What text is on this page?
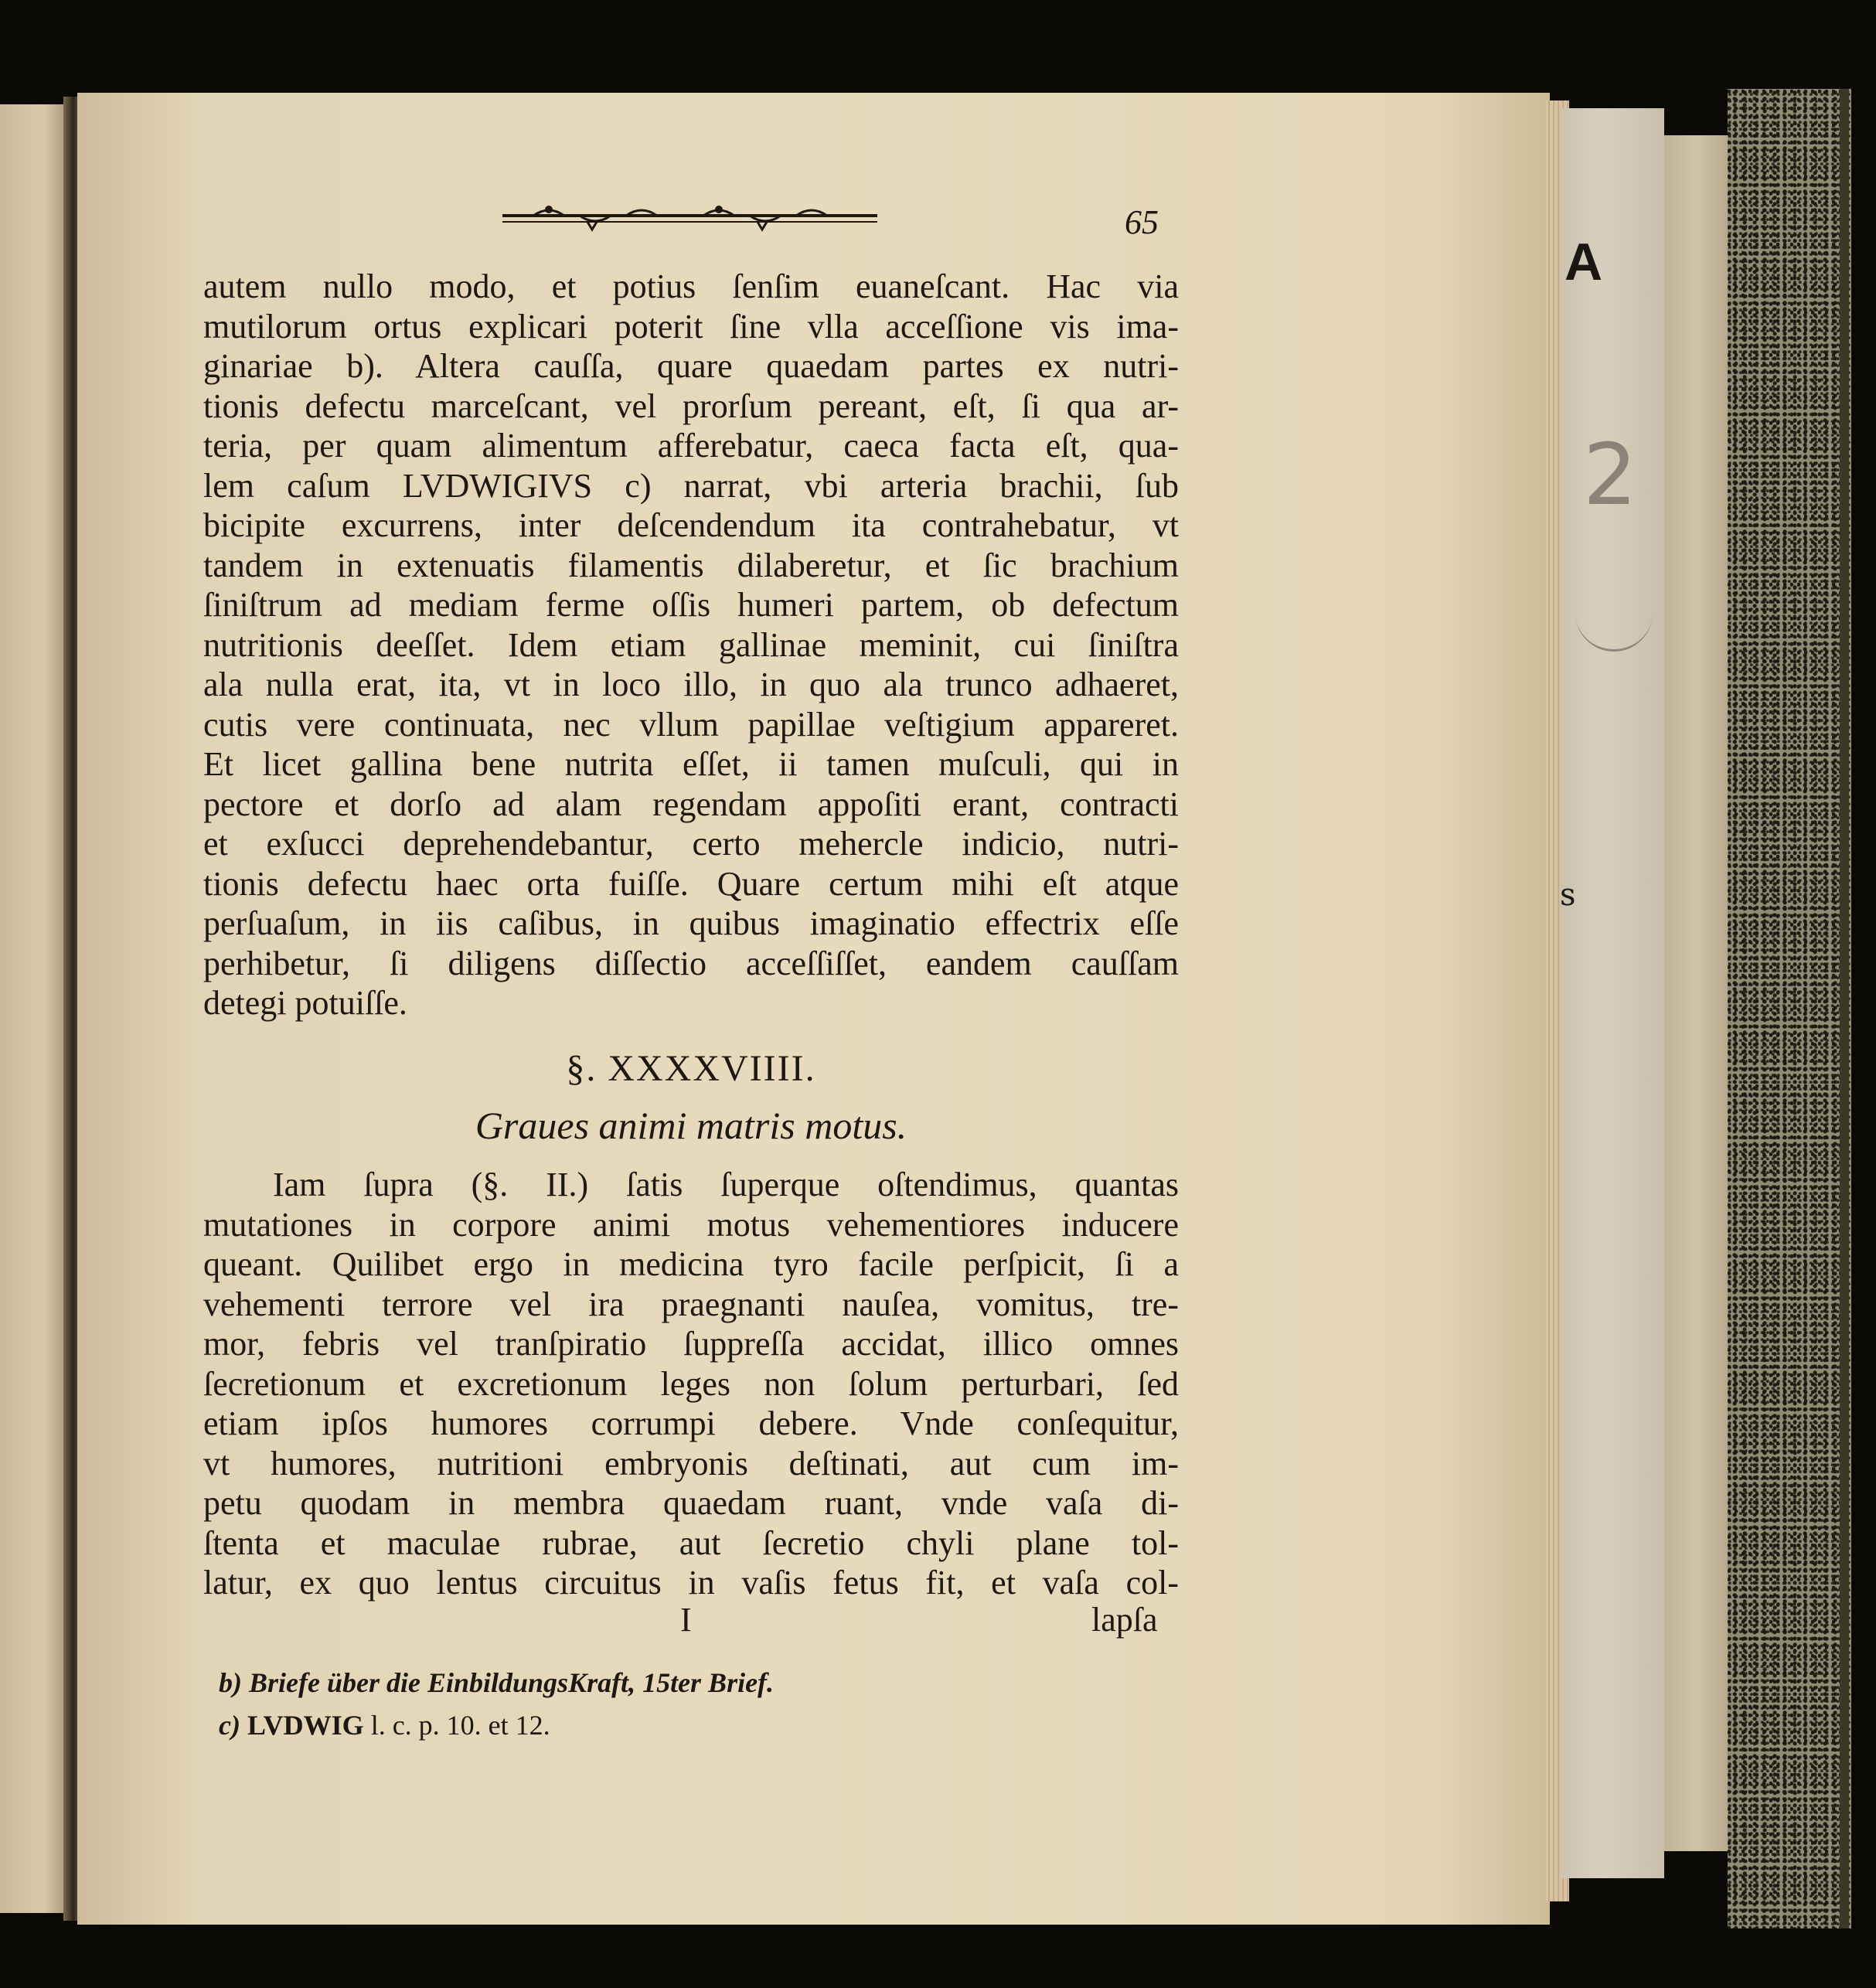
A
2
s
65
autem nullo modo, et potius ſenſim euaneſcant. Hac via
mutilorum ortus explicari poterit ſine vlla acceſſione vis ima-
ginariae b). Altera cauſſa, quare quaedam partes ex nutri-
tionis defectu marceſcant, vel prorſum pereant, eſt, ſi qua ar-
teria, per quam alimentum afferebatur, caeca facta eſt, qua-
lem caſum LVDWIGIVS c) narrat, vbi arteria brachii, ſub
bicipite excurrens, inter deſcendendum ita contrahebatur, vt
tandem in extenuatis filamentis dilaberetur, et ſic brachium
ſiniſtrum ad mediam ferme oſſis humeri partem, ob defectum
nutritionis deeſſet. Idem etiam gallinae meminit, cui ſiniſtra
ala nulla erat, ita, vt in loco illo, in quo ala trunco adhaeret,
cutis vere continuata, nec vllum papillae veſtigium appareret.
Et licet gallina bene nutrita eſſet, ii tamen muſculi, qui in
pectore et dorſo ad alam regendam appoſiti erant, contracti
et exſucci deprehendebantur, certo mehercle indicio, nutri-
tionis defectu haec orta fuiſſe. Quare certum mihi eſt atque
perſuaſum, in iis caſibus, in quibus imaginatio effectrix eſſe
perhibetur, ſi diligens diſſectio acceſſiſſet, eandem cauſſam
detegi potuiſſe.
§. XXXXVIIII.
Graues animi matris motus.
Iam ſupra (§. II.) ſatis ſuperque oſtendimus, quantas
mutationes in corpore animi motus vehementiores inducere
queant. Quilibet ergo in medicina tyro facile perſpicit, ſi a
vehementi terrore vel ira praegnanti nauſea, vomitus, tre-
mor, febris vel tranſpiratio ſuppreſſa accidat, illico omnes
ſecretionum et excretionum leges non ſolum perturbari, ſed
etiam ipſos humores corrumpi debere. Vnde conſequitur,
vt humores, nutritioni embryonis deſtinati, aut cum im-
petu quodam in membra quaedam ruant, vnde vaſa di-
ſtenta et maculae rubrae, aut ſecretio chyli plane tol-
latur, ex quo lentus circuitus in vaſis fetus fit, et vaſa col-
I	lapſa
b) Briefe über die EinbildungsKraft, 15ter Brief.
c) LVDWIG l. c. p. 10. et 12.
